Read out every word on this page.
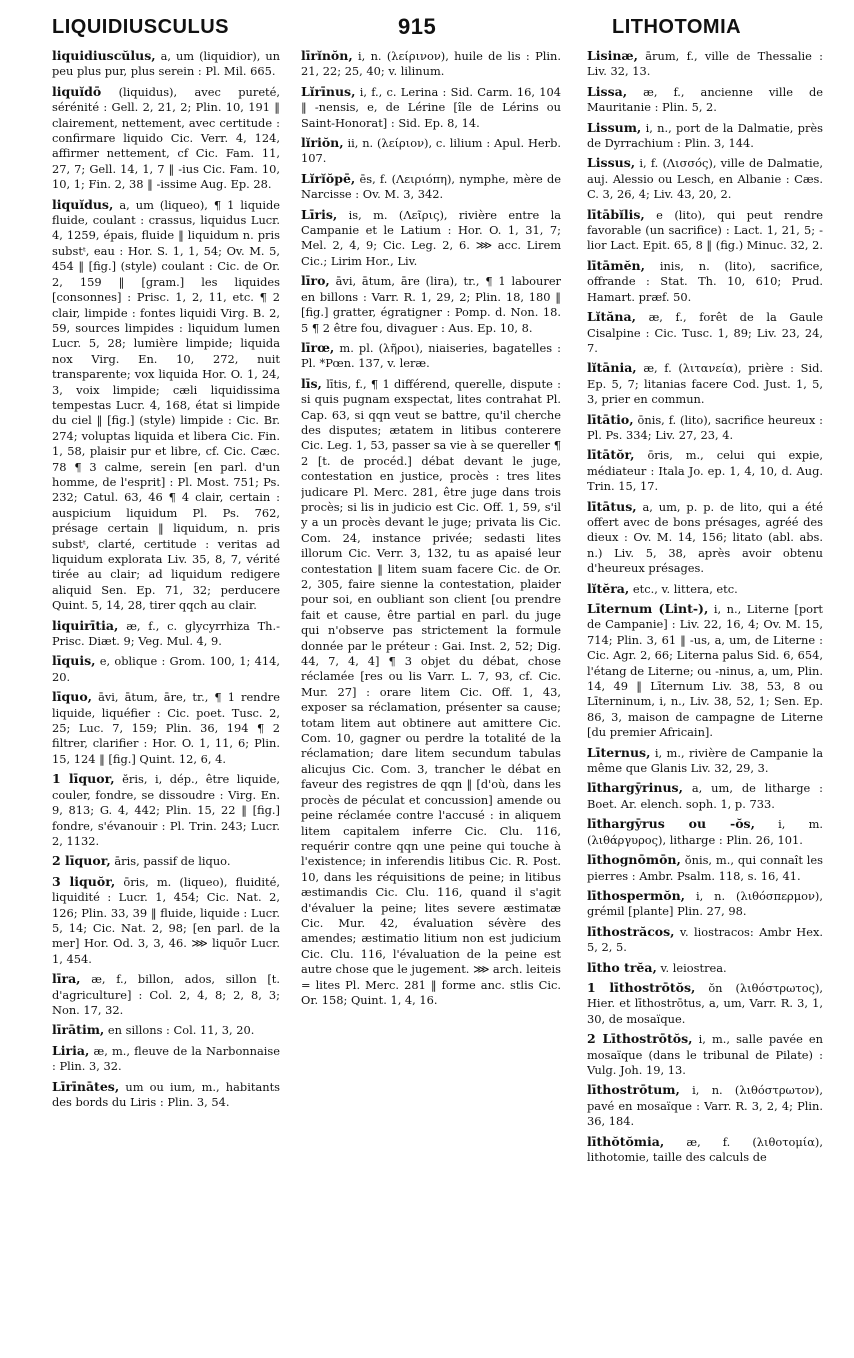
LIQUIDIUSCULUS	915	LITHOTOMIA

liquidiuscŭlus, a, um (liquidior), un peu plus pur, plus serein : Pl. Mil. 665.

liquĭdō (liquidus), avec pureté, sérénité : Gell. 2, 21, 2; Plin. 10, 191 ‖ clairement, nettement, avec certitude : confirmare liquido Cic. Verr. 4, 124, affirmer nettement, cf Cic. Fam. 11, 27, 7; Gell. 14, 1, 7 ‖ -ius Cic. Fam. 10, 10, 1; Fin. 2, 38 ‖ -issime Aug. Ep. 28.

liquĭdus, a, um (liqueo), ¶ 1 liquide fluide, coulant : crassus, liquidus Lucr. 4, 1259, épais, fluide ‖ liquidum n. pris substᵗ, eau : Hor. S. 1, 1, 54; Ov. M. 5, 454 ‖ [fig.] (style) coulant : Cic. de Or. 2, 159 ‖ [gram.] les liquides [consonnes] : Prisc. 1, 2, 11, etc. ¶ 2 clair, limpide : fontes liquidi Virg. B. 2, 59, sources limpides : liquidum lumen Lucr. 5, 28; lumière limpide; liquida nox Virg. En. 10, 272, nuit transparente; vox liquida Hor. O. 1, 24, 3, voix limpide; cæli liquidissima tempestas Lucr. 4, 168, état si limpide du ciel ‖ [fig.] (style) limpide : Cic. Br. 274; voluptas liquida et libera Cic. Fin. 1, 58, plaisir pur et libre, cf. Cic. Cæc. 78 ¶ 3 calme, serein [en parl. d'un homme, de l'esprit] : Pl. Most. 751; Ps. 232; Catul. 63, 46 ¶ 4 clair, certain : auspicium liquidum Pl. Ps. 762, présage certain ‖ liquidum, n. pris substᵗ, clarté, certitude : veritas ad liquidum explorata Liv. 35, 8, 7, vérité tirée au clair; ad liquidum redigere aliquid Sen. Ep. 71, 32; perducere Quint. 5, 14, 28, tirer qqch au clair.

liquirītia, æ, f., c. glycyrrhiza Th.-Prisc. Diæt. 9; Veg. Mul. 4, 9.

līquis, e, oblique : Grom. 100, 1; 414, 20.

līquo, āvi, ātum, āre, tr., ¶ 1 rendre liquide, liquéfier : Cic. poet. Tusc. 2, 25; Luc. 7, 159; Plin. 36, 194 ¶ 2 filtrer, clarifier : Hor. O. 1, 11, 6; Plin. 15, 124 ‖ [fig.] Quint. 12, 6, 4.

1 līquor, ĕris, i, dép., être liquide, couler, fondre, se dissoudre : Virg. En. 9, 813; G. 4, 442; Plin. 15, 22 ‖ [fig.] fondre, s'évanouir : Pl. Trin. 243; Lucr. 2, 1132.

2 līquor, āris, passif de liquo.

3 liquŏr, ōris, m. (liqueo), fluidité, liquidité : Lucr. 1, 454; Cic. Nat. 2, 126; Plin. 33, 39 ‖ fluide, liquide : Lucr. 5, 14; Cic. Nat. 2, 98; [en parl. de la mer] Hor. Od. 3, 3, 46. ⋙ liquōr Lucr. 1, 454.

līra, æ, f., billon, ados, sillon [t. d'agriculture] : Col. 2, 4, 8; 2, 8, 3; Non. 17, 32.

līrātim, en sillons : Col. 11, 3, 20.

Liria, æ, m., fleuve de la Narbonnaise : Plin. 3, 32.

Līrīnātes, um ou ium, m., habitants des bords du Liris : Plin. 3, 54.

līrĭnŏn, i, n. (λείρινον), huile de lis : Plin. 21, 22; 25, 40; v. lilinum.

Lĭrīnus, i, f., c. Lerina : Sid. Carm. 16, 104 ‖ -nensis, e, de Lérine [île de Lérins ou Saint-Honorat] : Sid. Ep. 8, 14.

lĭriŏn, ii, n. (λείριον), c. lilium : Apul. Herb. 107.

Lĭrĭŏpē, ēs, f. (Λειριόπη), nymphe, mère de Narcisse : Ov. M. 3, 342.

Līris, is, m. (Λεῖρις), rivière entre la Campanie et le Latium : Hor. O. 1, 31, 7; Mel. 2, 4, 9; Cic. Leg. 2, 6. ⋙ acc. Lirem Cic.; Lirim Hor., Liv.

līro, āvi, ātum, āre (lira), tr., ¶ 1 labourer en billons : Varr. R. 1, 29, 2; Plin. 18, 180 ‖ [fig.] gratter, égratigner : Pomp. d. Non. 18. 5 ¶ 2 être fou, divaguer : Aus. Ep. 10, 8.

līrœ, m. pl. (λῆροι), niaiseries, bagatelles : Pl. *Pœn. 137, v. leræ.

līs, lītis, f., ¶ 1 différend, querelle, dispute : si quis pugnam exspectat, lites contrahat Pl. Cap. 63, si qqn veut se battre, qu'il cherche des disputes; ætatem in litibus conterere Cic. Leg. 1, 53, passer sa vie à se quereller ¶ 2 [t. de procéd.] débat devant le juge, contestation en justice, procès : tres lites judicare Pl. Merc. 281, être juge dans trois procès; si lis in judicio est Cic. Off. 1, 59, s'il y a un procès devant le juge; privata lis Cic. Com. 24, instance privée; sedasti lites illorum Cic. Verr. 3, 132, tu as apaisé leur contestation ‖ litem suam facere Cic. de Or. 2, 305, faire sienne la contestation, plaider pour soi, en oubliant son client [ou prendre fait et cause, être partial en parl. du juge qui n'observe pas strictement la formule donnée par le préteur : Gai. Inst. 2, 52; Dig. 44, 7, 4, 4] ¶ 3 objet du débat, chose réclamée [res ou lis Varr. L. 7, 93, cf. Cic. Mur. 27] : orare litem Cic. Off. 1, 43, exposer sa réclamation, présenter sa cause; totam litem aut obtinere aut amittere Cic. Com. 10, gagner ou perdre la totalité de la réclamation; dare litem secundum tabulas alicujus Cic. Com. 3, trancher le débat en faveur des registres de qqn ‖ [d'où, dans les procès de péculat et concussion] amende ou peine réclamée contre l'accusé : in aliquem litem capitalem inferre Cic. Clu. 116, requérir contre qqn une peine qui touche à l'existence; in inferendis litibus Cic. R. Post. 10, dans les réquisitions de peine; in litibus æstimandis Cic. Clu. 116, quand il s'agit d'évaluer la peine; lites severe æstimatæ Cic. Mur. 42, évaluation sévère des amendes; æstimatio litium non est judicium Cic. Clu. 116, l'évaluation de la peine est autre chose que le jugement. ⋙ arch. leiteis = lites Pl. Merc. 281 ‖ forme anc. stlis Cic. Or. 158; Quint. 1, 4, 16.

Lisinæ, ārum, f., ville de Thessalie : Liv. 32, 13.

Lissa, æ, f., ancienne ville de Mauritanie : Plin. 5, 2.

Lissum, i, n., port de la Dalmatie, près de Dyrrachium : Plin. 3, 144.

Lissus, i, f. (Λισσός), ville de Dalmatie, auj. Alessio ou Lesch, en Albanie : Cæs. C. 3, 26, 4; Liv. 43, 20, 2.

lītābĭlis, e (lito), qui peut rendre favorable (un sacrifice) : Lact. 1, 21, 5; -lior Lact. Epit. 65, 8 ‖ (fig.) Minuc. 32, 2.

lītāmĕn, inis, n. (lito), sacrifice, offrande : Stat. Th. 10, 610; Prud. Hamart. præf. 50.

Lĭtăna, æ, f., forêt de la Gaule Cisalpine : Cic. Tusc. 1, 89; Liv. 23, 24, 7.

lĭtānia, æ, f. (λιτανεία), prière : Sid. Ep. 5, 7; litanias facere Cod. Just. 1, 5, 3, prier en commun.

lītātio, ōnis, f. (lito), sacrifice heureux : Pl. Ps. 334; Liv. 27, 23, 4.

lītātŏr, ōris, m., celui qui expie, médiateur : Itala Jo. ep. 1, 4, 10, d. Aug. Trin. 15, 17.

lītātus, a, um, p. p. de lito, qui a été offert avec de bons présages, agréé des dieux : Ov. M. 14, 156; litato (abl. abs. n.) Liv. 5, 38, après avoir obtenu d'heureux présages.

lĭtĕra, etc., v. littera, etc.

Līternum (Lint-), i, n., Literne [port de Campanie] : Liv. 22, 16, 4; Ov. M. 15, 714; Plin. 3, 61 ‖ -us, a, um, de Literne : Cic. Agr. 2, 66; Literna palus Sid. 6, 654, l'étang de Literne; ou -ninus, a, um, Plin. 14, 49 ‖ Līternum Liv. 38, 53, 8 ou Līterninum, i, n., Liv. 38, 52, 1; Sen. Ep. 86, 3, maison de campagne de Literne [du premier Africain].

Līternus, i, m., rivière de Campanie la même que Glanis Liv. 32, 29, 3.

līthargȳrinus, a, um, de litharge : Boet. Ar. elench. soph. 1, p. 733.

līthargȳrus ou -ŏs, i, m. (λιθάργυρος), litharge : Plin. 26, 101.

līthognōmōn, ŏnis, m., qui connaît les pierres : Ambr. Psalm. 118, s. 16, 41.

līthospermŏn, i, n. (λιθόσπερμον), grémil [plante] Plin. 27, 98.

līthostrăcos, v. liostracos: Ambr Hex. 5, 2, 5.

lītho trĕa, v. leiostrea.

1 līthostrōtŏs, ŏn (λιθόστρωτος), Hier. et līthostrōtus, a, um, Varr. R. 3, 1, 30, de mosaïque.

2 Līthostrōtŏs, i, m., salle pavée en mosaïque (dans le tribunal de Pilate) : Vulg. Joh. 19, 13.

līthostrōtum, i, n. (λιθόστρωτον), pavé en mosaïque : Varr. R. 3, 2, 4; Plin. 36, 184.

līthŏtŏmia, æ, f. (λιθοτομία), lithotomie, taille des calculs de
